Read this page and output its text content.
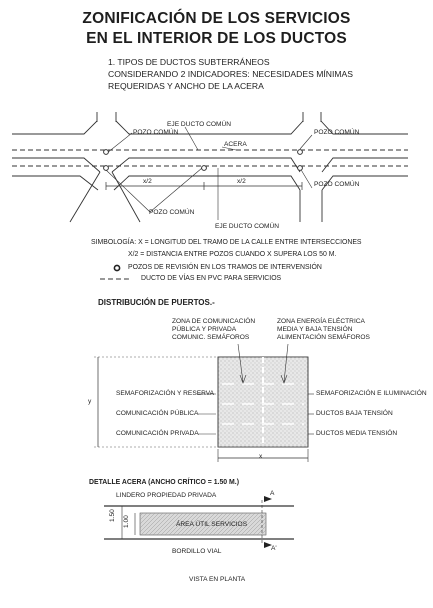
ZONIFICACIÓN DE LOS SERVICIOS
EN EL INTERIOR DE LOS DUCTOS
1. TIPOS DE DUCTOS SUBTERRÁNEOS
CONSIDERANDO 2 INDICADORES: NECESIDADES MÍNIMAS
REQUERIDAS Y ANCHO DE LA ACERA
EJE DUCTO COMÚN
POZO COMÚN	POZO COMÚN
ACERA
POZO COMÚN
x/2	x/2
POZO COMÚN
EJE DUCTO COMÚN
SIMBOLOGÍA: X = LONGITUD DEL TRAMO DE LA CALLE ENTRE INTERSECCIONES
X/2 = DISTANCIA ENTRE POZOS CUANDO X SUPERA LOS 50 M.
POZOS DE REVISIÓN EN LOS TRAMOS DE INTERVENSIÓN
DUCTO DE VÍAS EN PVC PARA SERVICIOS
DISTRIBUCIÓN DE PUERTOS.-
ZONA DE COMUNICACIÓN
PÚBLICA Y PRIVADA
COMUNIC. SEMÁFOROS
ZONA ENERGÍA ELÉCTRICA
MEDIA Y BAJA TENSIÓN
ALIMENTACIÓN SEMÁFOROS
SEMAFORIZACIÓN Y RESERVA
COMUNICACIÓN PÚBLICA
COMUNICACIÓN PRIVADA
SEMAFORIZACIÓN E ILUMINACIÓN
DUCTOS BAJA TENSIÓN
DUCTOS MEDIA TENSIÓN
y
x
DETALLE ACERA (ANCHO CRÍTICO = 1.50 M.)
LINDERO PROPIEDAD PRIVADA
ÁREA ÚTIL SERVICIOS
BORDILLO VIAL
1.50 1.00
A
A'
VISTA EN PLANTA
